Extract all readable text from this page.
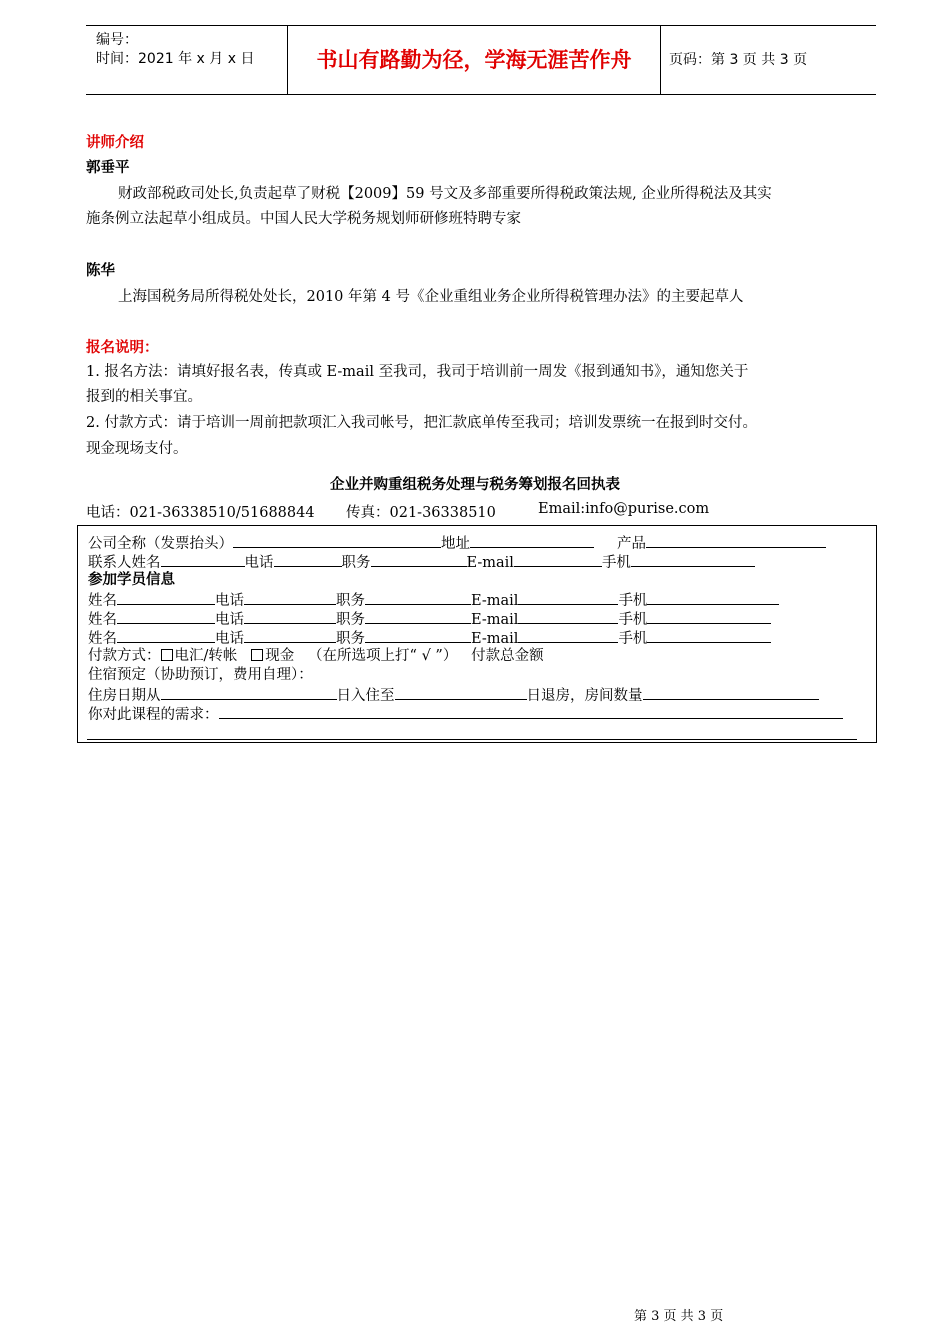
编号：
时间：2021 年 x 月 x 日	书山有路勤为径，学海无涯苦作舟	页码：第 3 页 共 3 页
讲师介绍
郭垂平
财政部税政司处长,负责起草了财税【2009】59 号文及多部重要所得税政策法规, 企业所得税法及其实
施条例立法起草小组成员。中国人民大学税务规划师研修班特聘专家
陈华
上海国税务局所得税处处长，2010 年第 4 号《企业重组业务企业所得税管理办法》的主要起草人
报名说明：
1. 报名方法：请填好报名表，传真或 E-mail 至我司，我司于培训前一周发《报到通知书》，通知您关于
报到的相关事宜。
2. 付款方式：请于培训一周前把款项汇入我司帐号，把汇款底单传至我司；培训发票统一在报到时交付。
现金现场支付。
企业并购重组税务处理与税务筹划报名回执表
电话：021-36338510/51688844 传真：021-36338510	Email:info@purise.com
公司全称（发票抬头）	地址	产品
联系人姓名	电话	职务	E-mail	手机
参加学员信息
姓名	电话	职务	E-mail	手机
姓名	电话	职务	E-mail	手机
姓名	电话	职务	E-mail	手机
付款方式： 电汇/转帐 现金 （在所选项上打“ √ ”） 付款总金额
住宿预定（协助预订，费用自理）：
住房日期从	日入住至	日退房，房间数量
你对此课程的需求：
第 3 页 共 3 页
